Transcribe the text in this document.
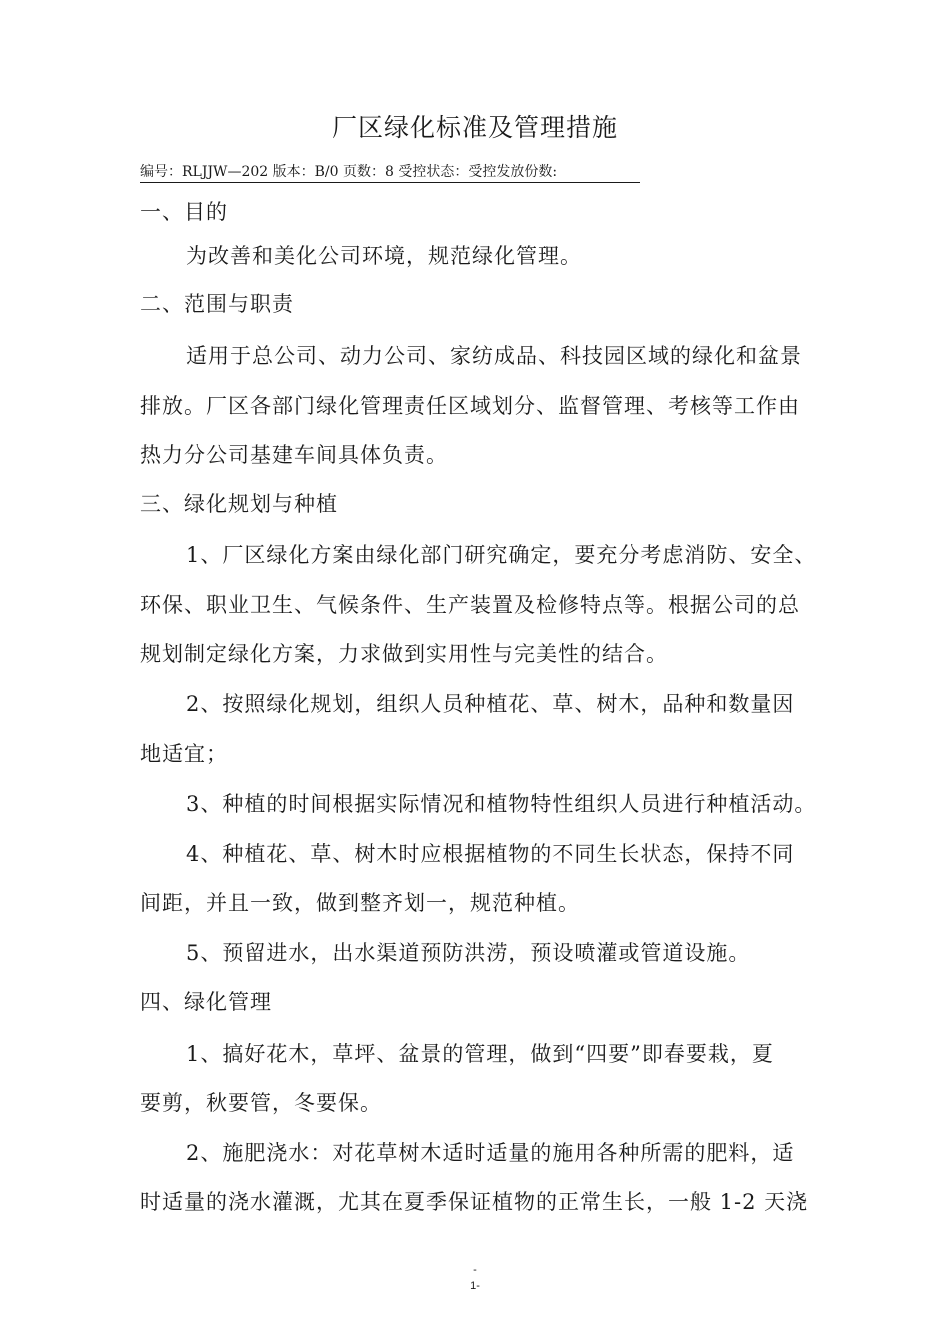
厂区绿化标准及管理措施
编号：RLJJW—202 版本：B/0 页数：8 受控状态：受控发放份数:
一、目的
为改善和美化公司环境，规范绿化管理。
二、范围与职责
适用于总公司、动力公司、家纺成品、科技园区域的绿化和盆景
排放。厂区各部门绿化管理责任区域划分、监督管理、考核等工作由
热力分公司基建车间具体负责。
三、绿化规划与种植
1、厂区绿化方案由绿化部门研究确定，要充分考虑消防、安全、
环保、职业卫生、气候条件、生产装置及检修特点等。根据公司的总
规划制定绿化方案，力求做到实用性与完美性的结合。
2、按照绿化规划，组织人员种植花、草、树木，品种和数量因
地适宜；
3、种植的时间根据实际情况和植物特性组织人员进行种植活动。
4、种植花、草、树木时应根据植物的不同生长状态，保持不同
间距，并且一致，做到整齐划一，规范种植。
5、预留进水，出水渠道预防洪涝，预设喷灌或管道设施。
四、绿化管理
1、搞好花木，草坪、盆景的管理，做到“四要”即春要栽，夏
要剪，秋要管，冬要保。
2、施肥浇水：对花草树木适时适量的施用各种所需的肥料，适
时适量的浇水灌溉，尤其在夏季保证植物的正常生长，一般 1-2 天浇
-
1-
